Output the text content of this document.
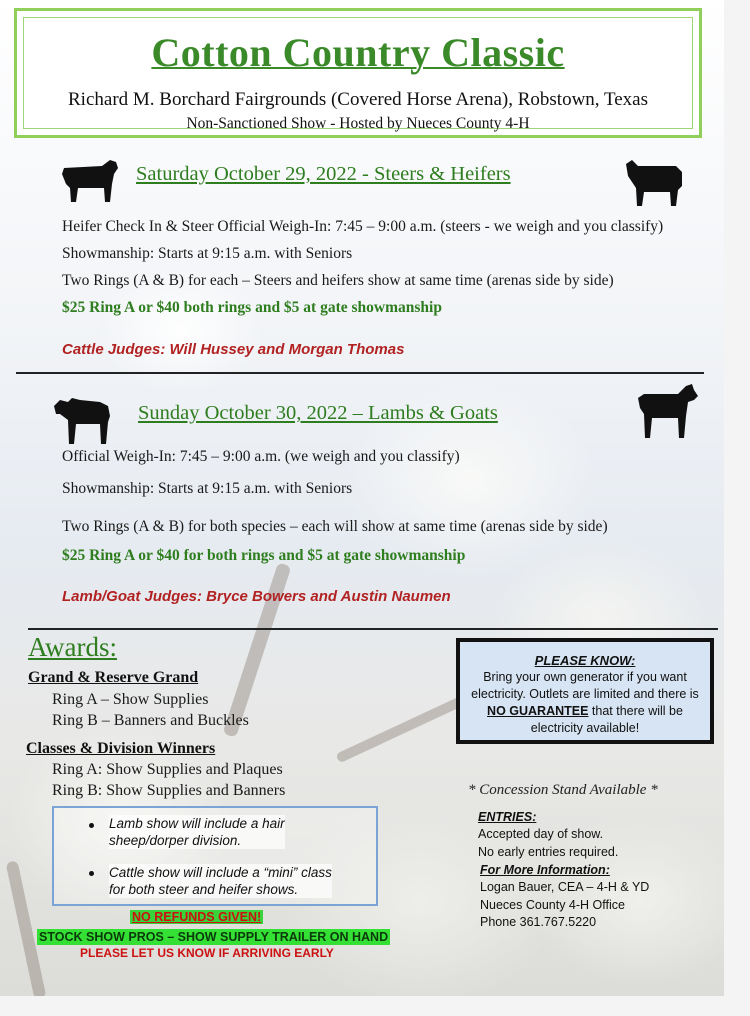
Cotton Country Classic
Richard M. Borchard Fairgrounds (Covered Horse Arena), Robstown, Texas
Non-Sanctioned Show - Hosted by Nueces County 4-H
Saturday October 29, 2022 - Steers & Heifers
Heifer Check In & Steer Official Weigh-In: 7:45 – 9:00 a.m. (steers - we weigh and you classify)
Showmanship: Starts at 9:15 a.m. with Seniors
Two Rings (A & B) for each – Steers and heifers show at same time (arenas side by side)
$25 Ring A or $40 both rings and $5 at gate showmanship
Cattle Judges: Will Hussey and Morgan Thomas
Sunday October 30, 2022 – Lambs & Goats
Official Weigh-In: 7:45 – 9:00 a.m. (we weigh and you classify)
Showmanship: Starts at 9:15 a.m. with Seniors
Two Rings (A & B) for both species – each will show at same time (arenas side by side)
$25 Ring A or $40 for both rings and $5 at gate showmanship
Lamb/Goat Judges: Bryce Bowers and Austin Naumen
Awards:
Grand & Reserve Grand
Ring A – Show Supplies
Ring B – Banners and Buckles
Classes & Division Winners
Ring A: Show Supplies and Plaques
Ring B: Show Supplies and Banners
PLEASE KNOW:
Bring your own generator if you want
electricity. Outlets are limited and there is
NO GUARANTEE that there will be
electricity available!
* Concession Stand Available *
Lamb show will include a hair
sheep/dorper division.
Cattle show will include a “mini” class
for both steer and heifer shows.
NO REFUNDS GIVEN!
STOCK SHOW PROS – SHOW SUPPLY TRAILER ON HAND
PLEASE LET US KNOW IF ARRIVING EARLY
ENTRIES:
Accepted day of show.
No early entries required.
For More Information:
Logan Bauer, CEA – 4-H & YD
Nueces County 4-H Office
Phone 361.767.5220
